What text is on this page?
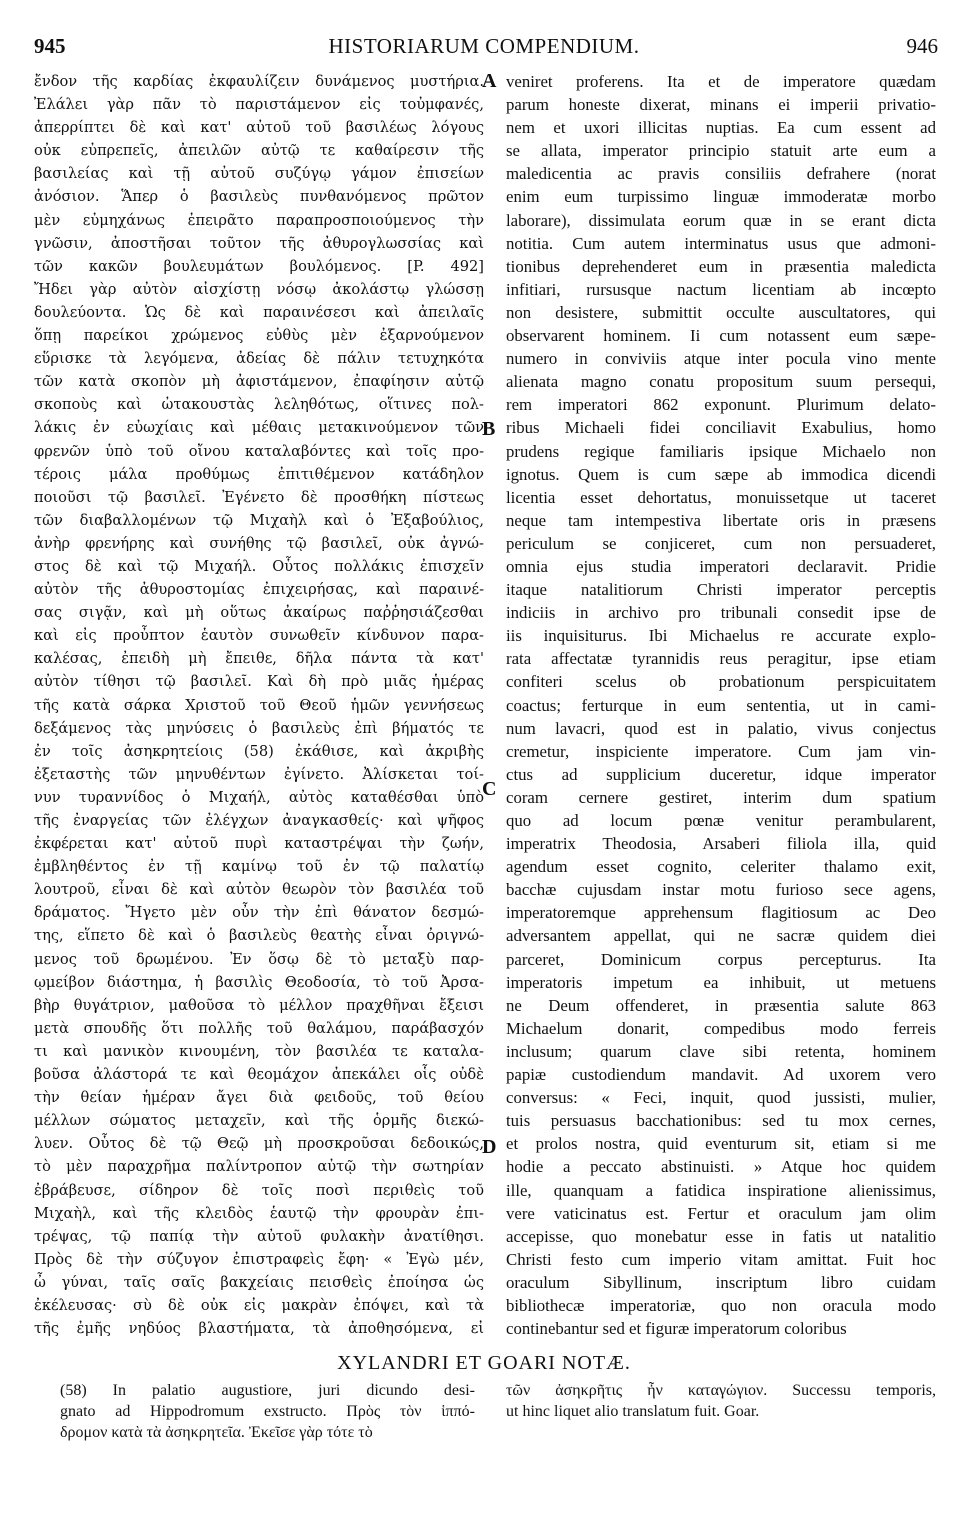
945	HISTORIARUM COMPENDIUM.	946
ἔνδον τῆς καρδίας ἐκφαυλίζειν δυνάμενος μυστήρια.
Ἐλάλει γὰρ πᾶν τὸ παριστάμενον εἰς τοὐμφανές,
ἀπερρίπτει δὲ καὶ κατ' αὐτοῦ τοῦ βασιλέως λόγους
οὐκ εὐπρεπεῖς, ἀπειλῶν αὐτῷ τε καθαίρεσιν τῆς
βασιλείας καὶ τῇ αὐτοῦ συζύγῳ γάμον ἐπισείων
ἀνόσιον. Ἅπερ ὁ βασιλεὺς πυνθανόμενος πρῶτον
μὲν εὐμηχάνως ἐπειρᾶτο παραπροσποιούμενος τὴν
γνῶσιν, ἀποστῆσαι τοῦτον τῆς ἀθυρογλωσσίας καὶ
τῶν κακῶν βουλευμάτων βουλόμενος. [P. 492]
Ἤδει γὰρ αὐτὸν αἰσχίστῃ νόσῳ ἀκολάστῳ γλώσσῃ
δουλεύοντα. Ὡς δὲ καὶ παραινέσεσι καὶ ἀπειλαῖς
ὅπῃ παρείκοι χρώμενος εὐθὺς μὲν ἐξαρνούμενον
εὕρισκε τὰ λεγόμενα, ἀδείας δὲ πάλιν τετυχηκότα
τῶν κατὰ σκοπὸν μὴ ἀφιστάμενον, ἐπαφίησιν αὐτῷ
σκοποὺς καὶ ὠτακουστὰς λεληθότως, οἵτινες πολ-
λάκις ἐν εὐωχίαις καὶ μέθαις μετακινούμενον τῶν
φρενῶν ὑπὸ τοῦ οἴνου καταλαβόντες καὶ τοῖς προ-
τέροις μάλα προθύμως ἐπιτιθέμενον κατάδηλον
ποιοῦσι τῷ βασιλεῖ. Ἐγένετο δὲ προσθήκη πίστεως
τῶν διαβαλλομένων τῷ Μιχαὴλ καὶ ὁ Ἐξαβούλιος,
ἀνὴρ φρενήρης καὶ συνήθης τῷ βασιλεῖ, οὐκ ἀγνώ-
στος δὲ καὶ τῷ Μιχαήλ. Οὗτος πολλάκις ἐπισχεῖν
αὐτὸν τῆς ἀθυροστομίας ἐπιχειρήσας, καὶ παραινέ-
σας σιγᾷν, καὶ μὴ οὕτως ἀκαίρως παῤῥησιάζεσθαι
καὶ εἰς προὖπτον ἑαυτὸν συνωθεῖν κίνδυνον παρα-
καλέσας, ἐπειδὴ μὴ ἔπειθε, δῆλα πάντα τὰ κατ'
αὐτὸν τίθησι τῷ βασιλεῖ. Καὶ δὴ πρὸ μιᾶς ἡμέρας
τῆς κατὰ σάρκα Χριστοῦ τοῦ Θεοῦ ἡμῶν γεννήσεως
δεξάμενος τὰς μηνύσεις ὁ βασιλεὺς ἐπὶ βήματός τε
ἐν τοῖς ἀσηκρητείοις (58) ἐκάθισε, καὶ ἀκριβὴς
ἐξεταστὴς τῶν μηνυθέντων ἐγίνετο. Ἀλίσκεται τοί-
νυν τυραννίδος ὁ Μιχαήλ, αὐτὸς καταθέσθαι ὑπὸ
τῆς ἐναργείας τῶν ἐλέγχων ἀναγκασθείς· καὶ ψῆφος
ἐκφέρεται κατ' αὐτοῦ πυρὶ καταστρέψαι τὴν ζωήν,
ἐμβληθέντος ἐν τῇ καμίνῳ τοῦ ἐν τῷ παλατίῳ
λουτροῦ, εἶναι δὲ καὶ αὐτὸν θεωρὸν τὸν βασιλέα τοῦ
δράματος. Ἤγετο μὲν οὖν τὴν ἐπὶ θάνατον δεσμώ-
της, εἵπετο δὲ καὶ ὁ βασιλεὺς θεατὴς εἶναι ὀριγνώ-
μενος τοῦ δρωμένου. Ἐν ὅσῳ δὲ τὸ μεταξὺ παρ-
ῳμείβον διάστημα, ἡ βασιλὶς Θεοδοσία, τὸ τοῦ Ἀρσα-
βὴρ θυγάτριον, μαθοῦσα τὸ μέλλον πραχθῆναι ἔξεισι
μετὰ σπουδῆς ὅτι πολλῆς τοῦ θαλάμου, παράβασχόν
τι καὶ μανικὸν κινουμένη, τὸν βασιλέα τε καταλα-
βοῦσα ἀλάστορά τε καὶ θεομάχον ἀπεκάλει οἷς οὐδὲ
τὴν θείαν ἡμέραν ἄγει διὰ φειδοῦς, τοῦ θείου
μέλλων σώματος μεταχεῖν, καὶ τῆς ὁρμῆς διεκώ-
λυεν. Οὗτος δὲ τῷ Θεῷ μὴ προσκροῦσαι δεδοικώς,
τὸ μὲν παραχρῆμα παλίντροπον αὐτῷ τὴν σωτηρίαν
ἐβράβευσε, σίδηρον δὲ τοῖς ποσὶ περιθεὶς τοῦ
Μιχαὴλ, καὶ τῆς κλειδὸς ἑαυτῷ τὴν φρουρὰν ἐπι-
τρέψας, τῷ παπίᾳ τὴν αὐτοῦ φυλακὴν ἀνατίθησι.
Πρὸς δὲ τὴν σύζυγον ἐπιστραφεὶς ἔφη· « Ἐγὼ μέν,
ὦ γύναι, ταῖς σαῖς βακχείαις πεισθεὶς ἐποίησα ὡς
ἐκέλευσας· σὺ δὲ οὐκ εἰς μακρὰν ἐπόψει, καὶ τὰ
τῆς ἐμῆς νηδύος βλαστήματα, τὰ ἀποθησόμενα, εἰ
veniret proferens. Ita et de imperatore quædam
parum honeste dixerat, minans ei imperii privatio-
nem et uxori illicitas nuptias. Ea cum essent ad
se allata, imperator principio statuit arte eum a
maledicentia ac pravis consiliis defrahere (norat
enim eum turpissimo linguæ immoderatæ morbo
laborare), dissimulata eorum quæ in se erant dicta
notitia. Cum autem interminatus usus que admoni-
tionibus deprehenderet eum in præsentia maledicta
infitiari, rursusque nactum licentiam ab incœpto
non desistere, submittit occulte auscultatores, qui
observarent hominem. Ii cum notassent eum sæpe-
numero in conviviis atque inter pocula vino mente
alienata magno conatu propositum suum persequi,
rem imperatori 862 exponunt. Plurimum delato-
ribus Michaeli fidei conciliavit Exabulius, homo
prudens regique familiaris ipsique Michaelo non
ignotus. Quem is cum sæpe ab immodica dicendi
licentia esset dehortatus, monuissetque ut taceret
neque tam intempestiva libertate oris in præsens
periculum se conjiceret, cum non persuaderet,
omnia ejus studia imperatori declaravit. Pridie
itaque natalitiorum Christi imperator perceptis
indiciis in archivo pro tribunali consedit ipse de
iis inquisiturus. Ibi Michaelus re accurate explo-
rata affectatæ tyrannidis reus peragitur, ipse etiam
confiteri scelus ob probationum perspicuitatem
coactus; ferturque in eum sententia, ut in cami-
num lavacri, quod est in palatio, vivus conjectus
cremetur, inspiciente imperatore. Cum jam vin-
ctus ad supplicium duceretur, idque imperator
coram cernere gestiret, interim dum spatium
quo ad locum pœnæ venitur perambularent,
imperatrix Theodosia, Arsaberi filiola illa, quid
agendum esset cognito, celeriter thalamo exit,
bacchæ cujusdam instar motu furioso sece agens,
imperatoremque apprehensum flagitiosum ac Deo
adversantem appellat, qui ne sacræ quidem diei
parceret, Dominicum corpus percepturus. Ita
imperatoris impetum ea inhibuit, ut metuens
ne Deum offenderet, in præsentia salute 863
Michaelum donarit, compedibus modo ferreis
inclusum; quarum clave sibi retenta, hominem
papiæ custodiendum mandavit. Ad uxorem vero
conversus: « Feci, inquit, quod jussisti, mulier,
tuis persuasus bacchationibus: sed tu mox cernes,
et prolos nostra, quid eventurum sit, etiam si me
hodie a peccato abstinuisti. » Atque hoc quidem
ille, quanquam a fatidica inspiratione alienissimus,
vere vaticinatus est. Fertur et oraculum jam olim
accepisse, quo monebatur esse in fatis ut natalitio
Christi festo cum imperio vitam amittat. Fuit hoc
oraculum Sibyllinum, inscriptum libro cuidam
bibliothecæ imperatoriæ, quo non oracula modo
continebantur sed et figuræ imperatorum coloribus
A
B
C
D
XYLANDRI ET GOARI NOTÆ.
(58) In palatio augustiore, juri dicundo desi-
gnato ad Hippodromum exstructo. Πρὸς τὸν ἱππό-
δρομον κατὰ τὰ ἀσηκρητεῖα. Ἐκεῖσε γὰρ τότε τὸ
τῶν ἀσηκρῆτις ἦν καταγώγιον. Successu temporis,
ut hinc liquet alio translatum fuit. Goar.
